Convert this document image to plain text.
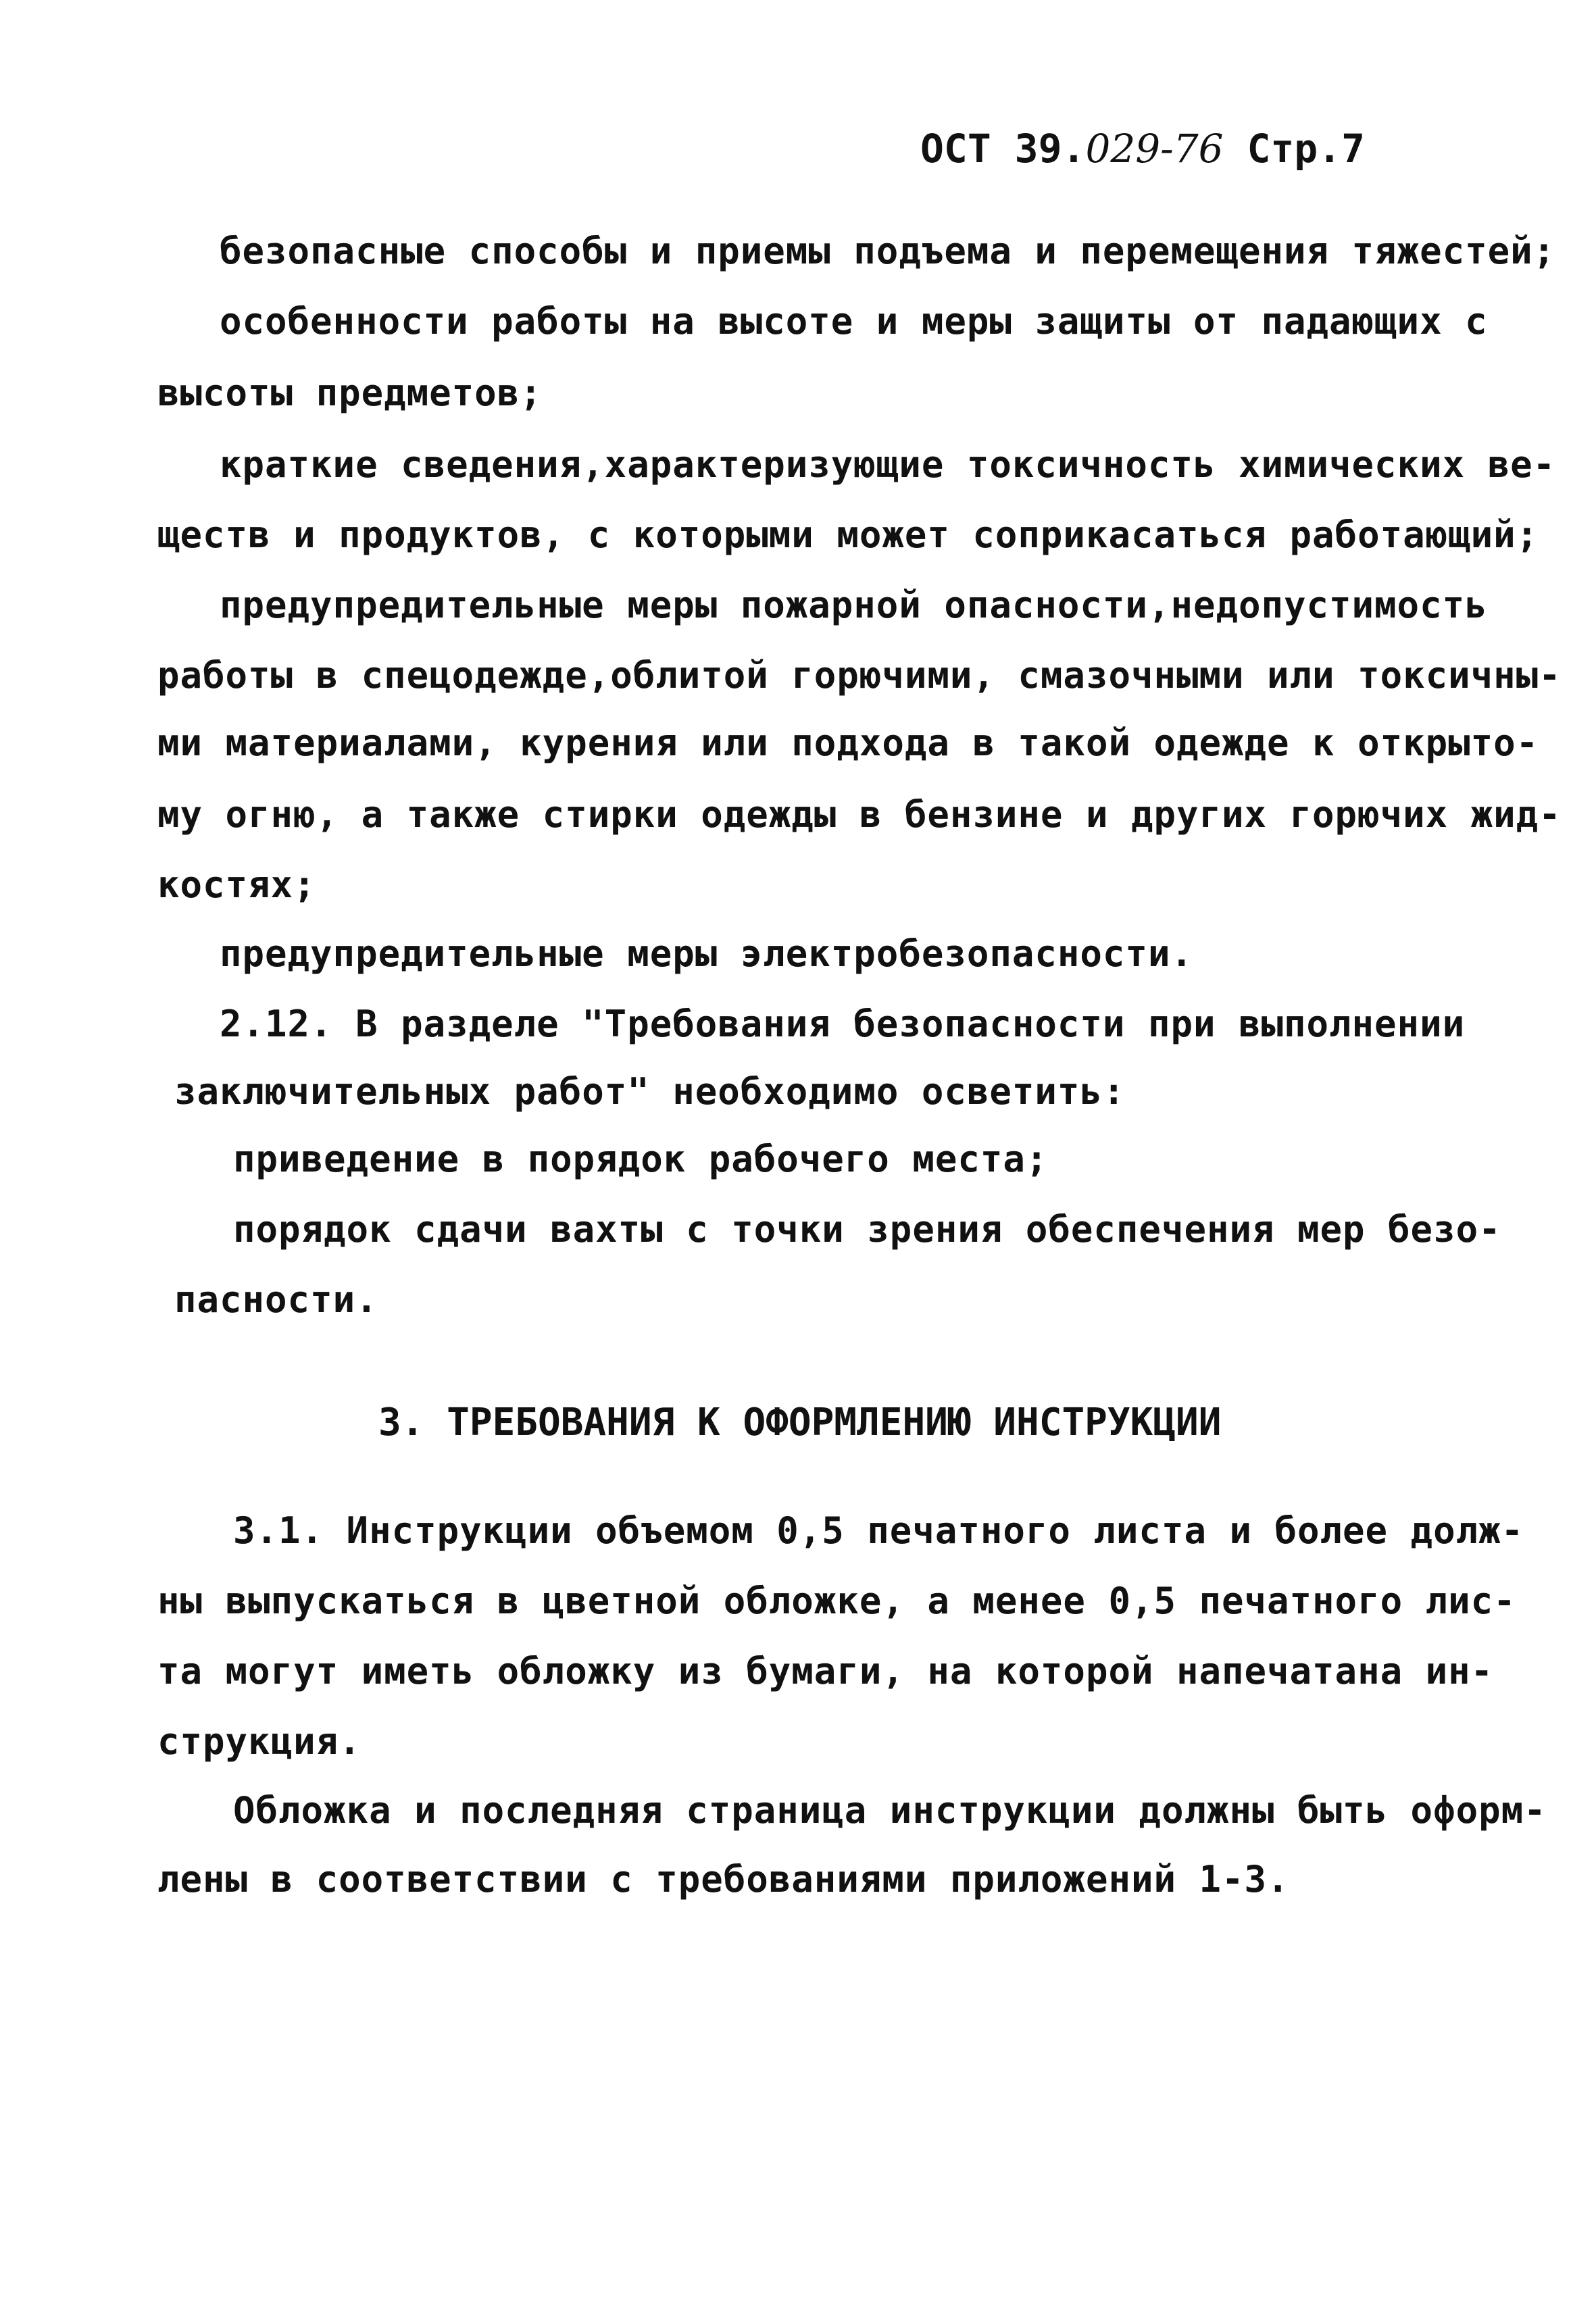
ОСТ 39.029-76 Стр.7
безопасные способы и приемы подъема и перемещения тяжестей;
особенности работы на высоте и меры защиты от падающих с
высоты предметов;
краткие сведения,характеризующие токсичность химических ве-
ществ и продуктов, с которыми может соприкасаться работающий;
предупредительные меры пожарной опасности,недопустимость
работы в спецодежде,облитой горючими, смазочными или токсичны-
ми материалами, курения или подхода в такой одежде к открыто-
му огню, а также стирки одежды в бензине и других горючих жид-
костях;
предупредительные меры электробезопасности.
2.12. В разделе "Требования безопасности при выполнении
заключительных работ" необходимо осветить:
приведение в порядок рабочего места;
порядок сдачи вахты с точки зрения обеспечения мер безо-
пасности.
3. ТРЕБОВАНИЯ К ОФОРМЛЕНИЮ ИНСТРУКЦИИ
3.1. Инструкции объемом 0,5 печатного листа и более долж-
ны выпускаться в цветной обложке, а менее 0,5 печатного лис-
та могут иметь обложку из бумаги, на которой напечатана ин-
струкция.
Обложка и последняя страница инструкции должны быть оформ-
лены в соответствии с требованиями приложений 1-3.
